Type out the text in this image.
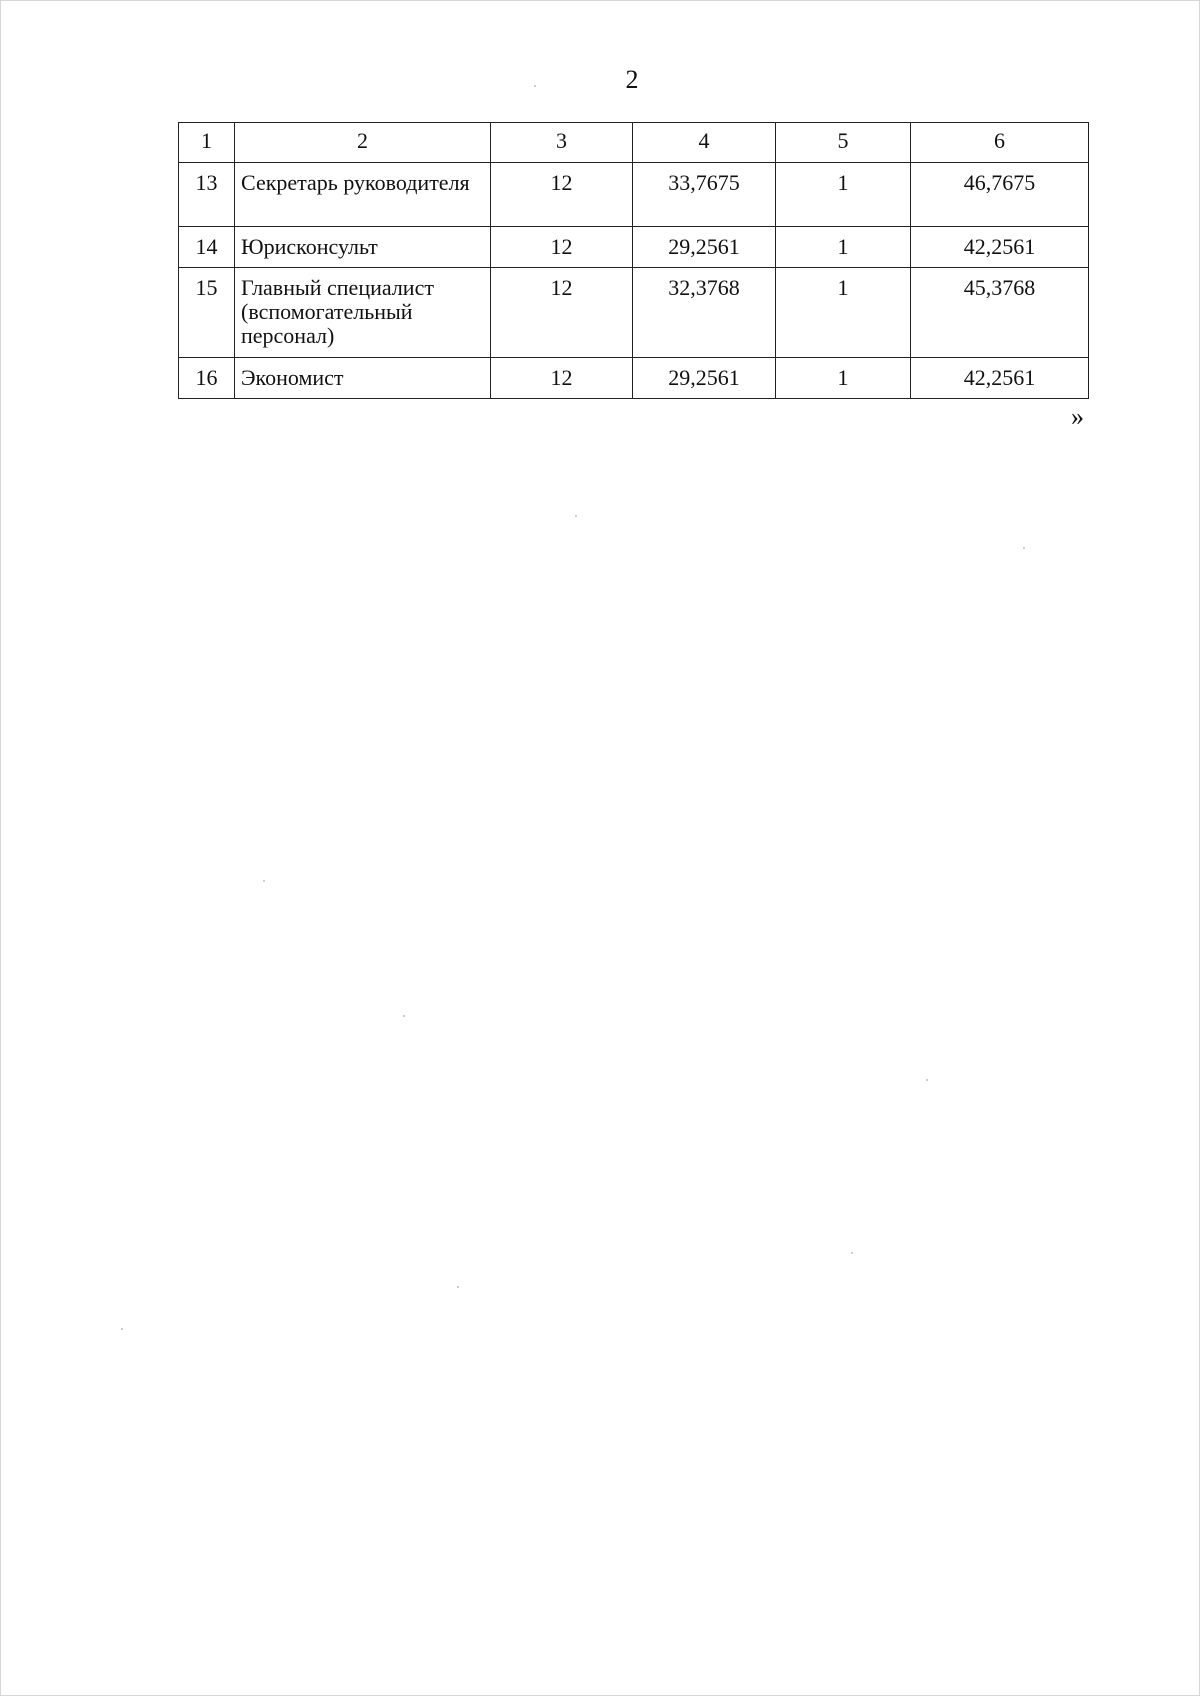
2
1	2	3	4	5	6
13	Секретарь руководителя	12	33,7675	1	46,7675
14	Юрисконсульт	12	29,2561	1	42,2561
15	Главный специалист (вспомогательный персонал)	12	32,3768	1	45,3768
16	Экономист	12	29,2561	1	42,2561
»
